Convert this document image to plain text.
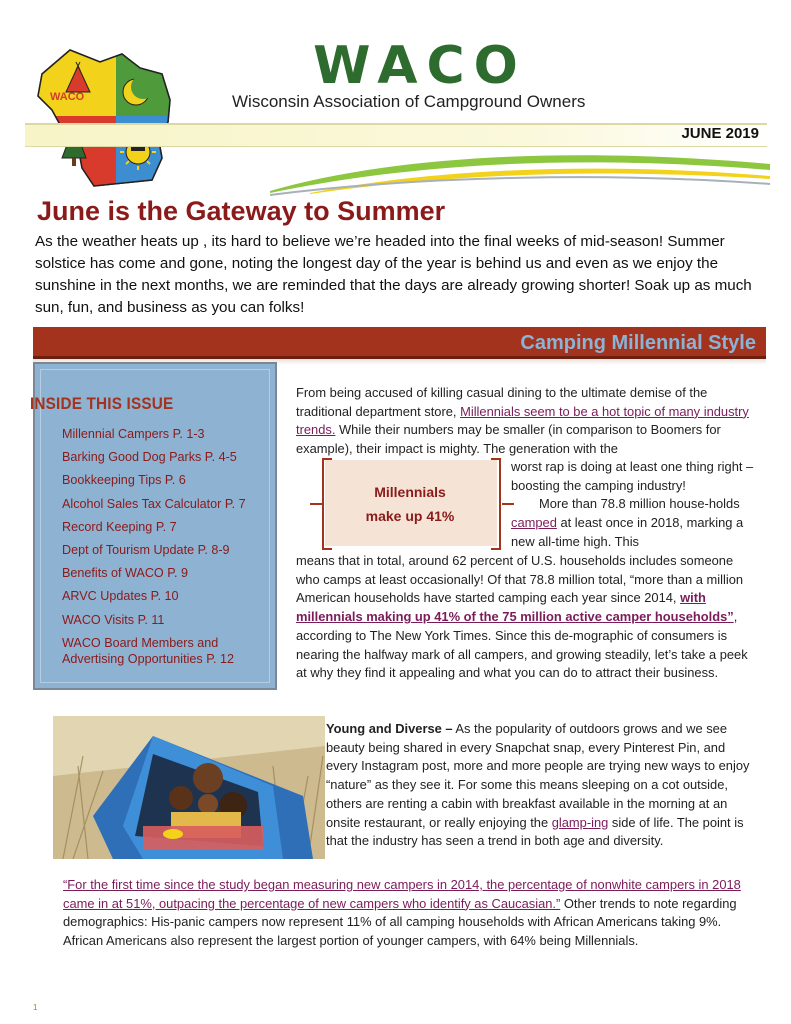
WACO
WACO
Wisconsin Association of Campground Owners
JUNE 2019
June is the Gateway to Summer

As the weather heats up , its hard to believe we’re headed into the final weeks of mid-season! Summer solstice has come and gone, noting the longest day of the year is behind us and even as we enjoy the sunshine in the next months, we are reminded that the days are already growing shorter! Soak up as much sun, fun, and business as you can folks!

Camping Millennial Style
INSIDE THIS ISSUE
Millennial Campers P. 1-3
Barking Good Dog Parks P. 4-5
Bookkeeping Tips P. 6
Alcohol Sales Tax Calculator P. 7
Record Keeping P. 7
Dept of Tourism Update P. 8-9
Benefits of WACO P. 9
ARVC Updates P. 10
WACO Visits P. 11
WACO Board Members and Advertising Opportunities P. 12

From being accused of killing casual dining to the ultimate demise of the traditional department store, Millennials seem to be a hot topic of many industry trends. While their numbers may be smaller (in comparison to Boomers for example), their impact is mighty. The generation with the

Millennials
make up 41%

worst rap is doing at least one thing right – boosting the camping industry!
More than 78.8 million house-holds camped at least once in 2018, marking a new all-time high. This

means that in total, around 62 percent of U.S. households includes someone who camps at least occasionally! Of that 78.8 million total, “more than a million American households have started camping each year since 2014, with millennials making up 41% of the 75 million active camper households”, according to The New York Times. Since this de-mographic of consumers is nearing the halfway mark of all campers, and growing steadily, let’s take a peek at why they find it appealing and what you can do to attract their business.

Young and Diverse – As the popularity of outdoors grows and we see beauty being shared in every Snapchat snap, every Pinterest Pin, and every Instagram post, more and more people are trying new ways to enjoy “nature” as they see it. For some this means sleeping on a cot outside, others are renting a cabin with breakfast available in the morning at an onsite restaurant, or really enjoying the glamp-ing side of life. The point is that the industry has seen a trend in both age and diversity.

“For the first time since the study began measuring new campers in 2014, the percentage of nonwhite campers in 2018 came in at 51%, outpacing the percentage of new campers who identify as Caucasian.” Other trends to note regarding demographics: His-panic campers now represent 11% of all camping households with African Americans taking 9%. African Americans also represent the largest portion of younger campers, with 64% being Millennials.

1
